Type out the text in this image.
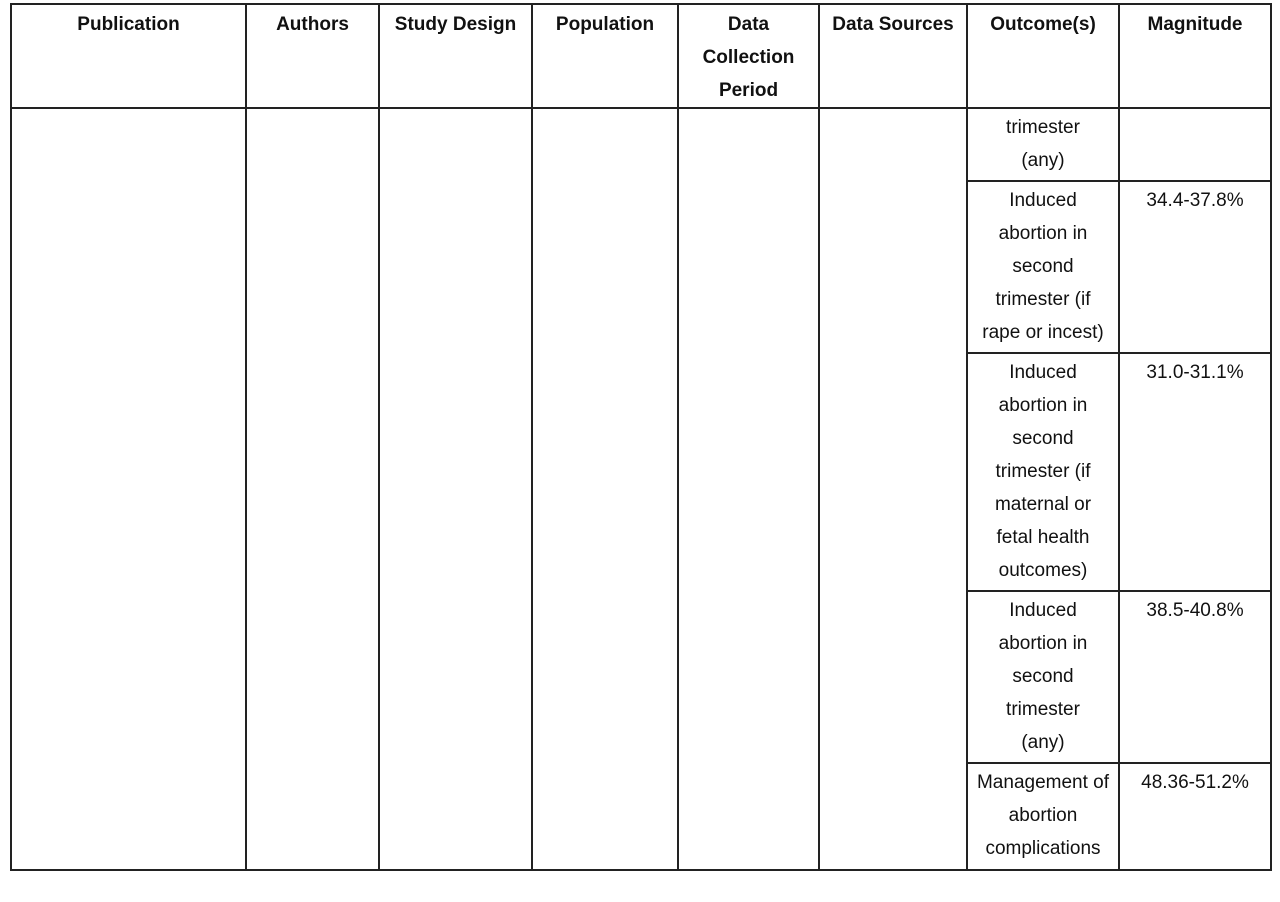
Publication	Authors	Study Design	Population	Data Collection Period	Data Sources	Outcome(s)	Magnitude

						trimester (any)	

						Induced abortion in second trimester (if rape or incest)	34.4-37.8%

						Induced abortion in second trimester (if maternal or fetal health outcomes)	31.0-31.1%

						Induced abortion in second trimester (any)	38.5-40.8%

						Management of abortion complications	48.36-51.2%
